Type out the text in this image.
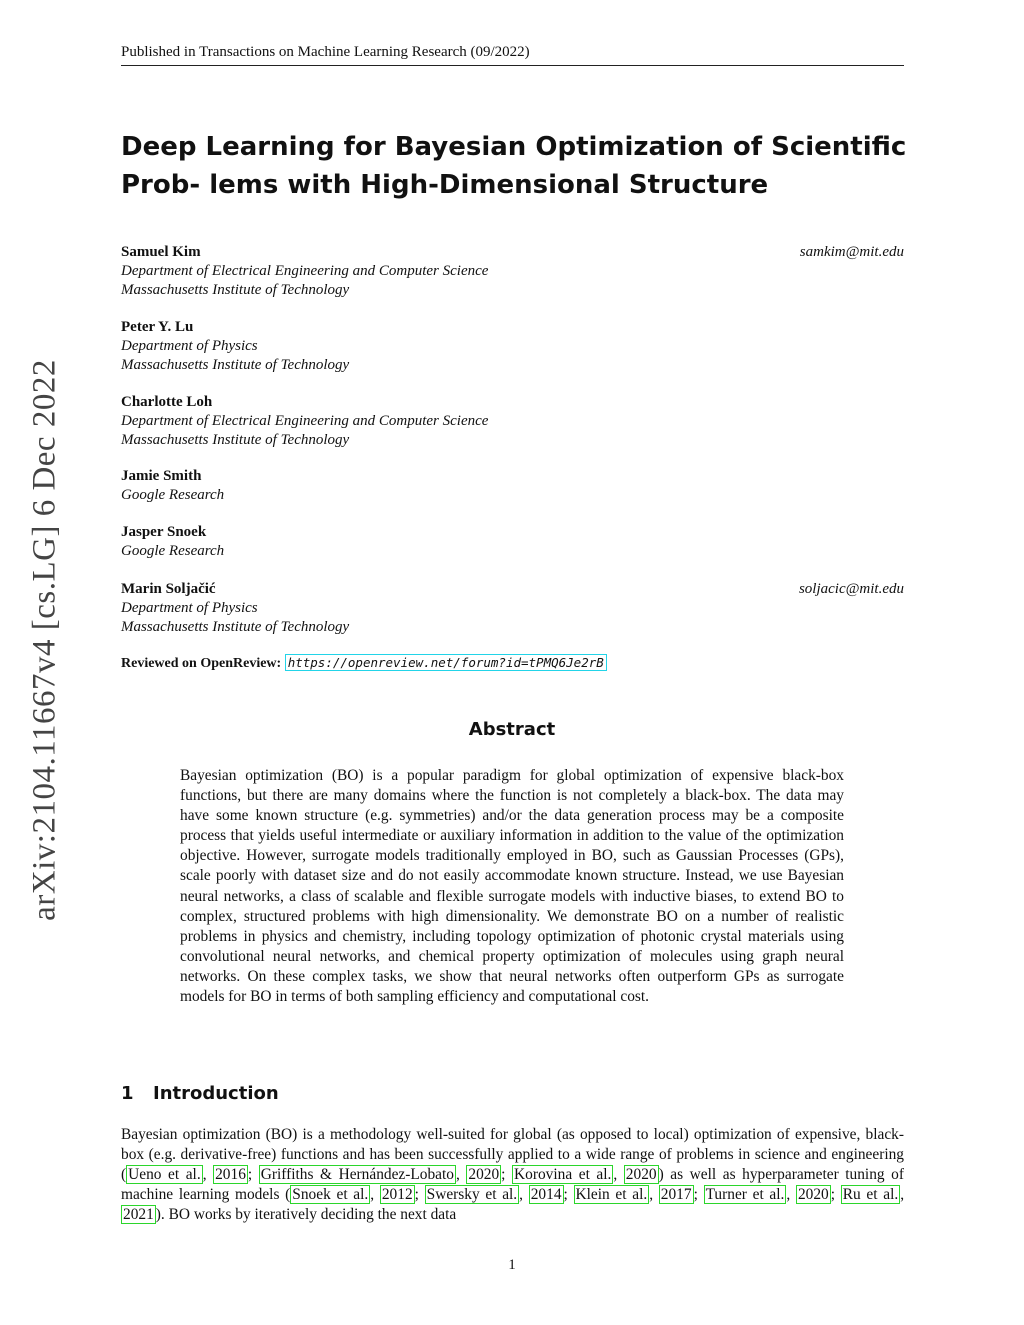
Published in Transactions on Machine Learning Research (09/2022)
arXiv:2104.11667v4 [cs.LG] 6 Dec 2022
Deep Learning for Bayesian Optimization of Scientific Prob- lems with High-Dimensional Structure
Samuel Kim
Department of Electrical Engineering and Computer Science
Massachusetts Institute of Technology
samkim@mit.edu
Peter Y. Lu
Department of Physics
Massachusetts Institute of Technology
Charlotte Loh
Department of Electrical Engineering and Computer Science
Massachusetts Institute of Technology
Jamie Smith
Google Research
Jasper Snoek
Google Research
Marin Soljačić
Department of Physics
Massachusetts Institute of Technology
soljacic@mit.edu
Reviewed on OpenReview: https://openreview.net/forum?id=tPMQ6Je2rB
Abstract
Bayesian optimization (BO) is a popular paradigm for global optimization of expensive black-box functions, but there are many domains where the function is not completely a black-box. The data may have some known structure (e.g. symmetries) and/or the data generation process may be a composite process that yields useful intermediate or auxiliary information in addition to the value of the optimization objective. However, surrogate models traditionally employed in BO, such as Gaussian Processes (GPs), scale poorly with dataset size and do not easily accommodate known structure. Instead, we use Bayesian neural networks, a class of scalable and flexible surrogate models with inductive biases, to extend BO to complex, structured problems with high dimensionality. We demonstrate BO on a number of realistic problems in physics and chemistry, including topology optimization of photonic crystal materials using convolutional neural networks, and chemical property optimization of molecules using graph neural networks. On these complex tasks, we show that neural networks often outperform GPs as surrogate models for BO in terms of both sampling efficiency and computational cost.
1 Introduction
Bayesian optimization (BO) is a methodology well-suited for global (as opposed to local) optimization of expensive, black-box (e.g. derivative-free) functions and has been successfully applied to a wide range of problems in science and engineering ( Ueno et al. , 2016 ; Griffiths & Hernández-Lobato , 2020 ; Korovina et al. , 2020 ) as well as hyperparameter tuning of machine learning models ( Snoek et al. , 2012 ; Swersky et al. , 2014 ; Klein et al. , 2017 ; Turner et al. , 2020 ; Ru et al. , 2021 ). BO works by iteratively deciding the next data
1
